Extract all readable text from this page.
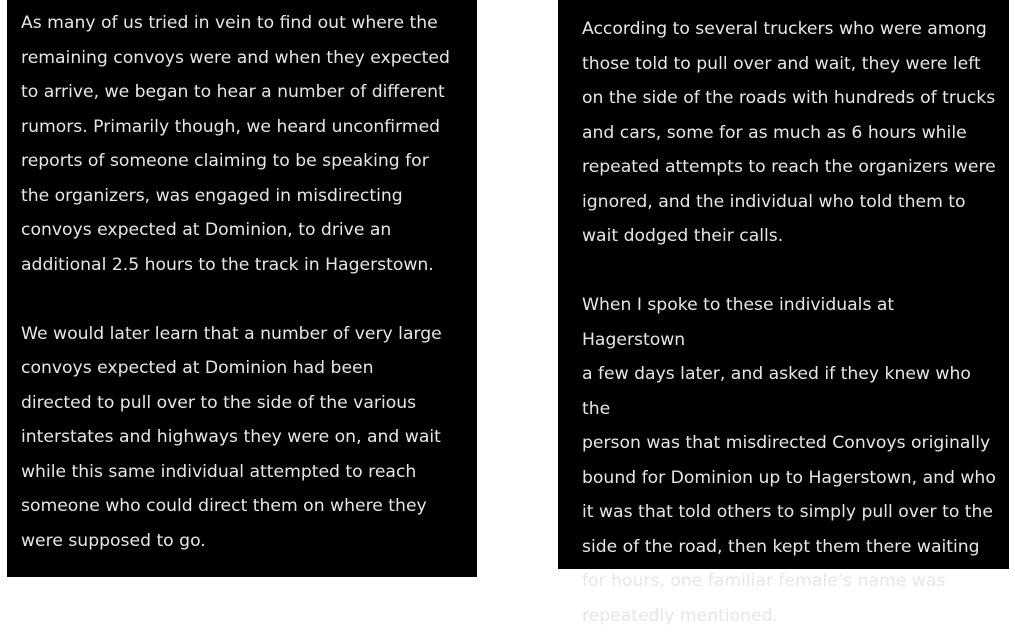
As many of us tried in vein to find out where the
remaining convoys were and when they expected
to arrive, we began to hear a number of different
rumors. Primarily though, we heard unconfirmed
reports of someone claiming to be speaking for
the organizers, was engaged in misdirecting
convoys expected at Dominion, to drive an
additional 2.5 hours to the track in Hagerstown.

We would later learn that a number of very large
convoys expected at Dominion had been
directed to pull over to the side of the various
interstates and highways they were on, and wait
while this same individual attempted to reach
someone who could direct them on where they
were supposed to go.

According to several truckers who were among
those told to pull over and wait, they were left
on the side of the roads with hundreds of trucks
and cars, some for as much as 6 hours while
repeated attempts to reach the organizers were
ignored, and the individual who told them to
wait dodged their calls.

When I spoke to these individuals at Hagerstown
a few days later, and asked if they knew who the
person was that misdirected Convoys originally
bound for Dominion up to Hagerstown, and who
it was that told others to simply pull over to the
side of the road, then kept them there waiting
for hours, one familiar female’s name was
repeatedly mentioned.
